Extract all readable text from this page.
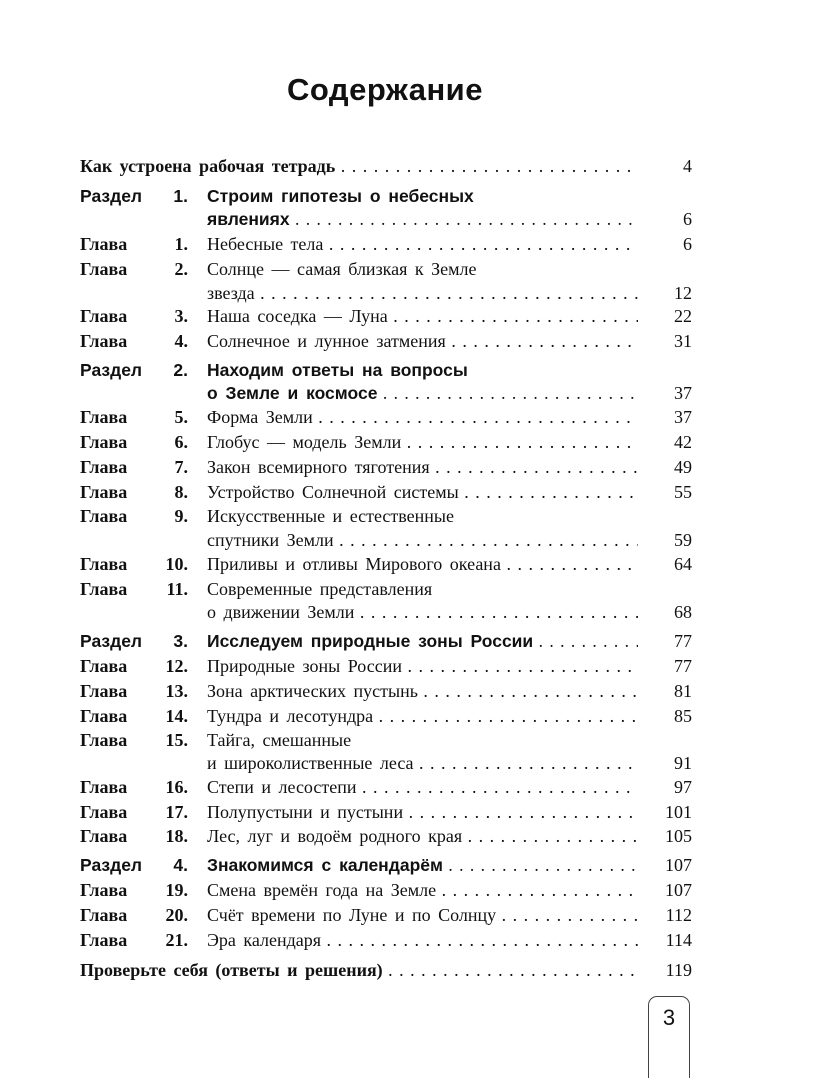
Содержание
Как устроена рабочая тетрадь . . .	4
Раздел	1. Строим гипотезы о небесных
явлениях . . .	6
Глава	1. Небесные тела . . .	6
Глава	2. Солнце — самая близкая к Земле
звезда . . .	12
Глава	3. Наша соседка — Луна . . .	22
Глава	4. Солнечное и лунное затмения . . .	31
Раздел	2. Находим ответы на вопросы
о Земле и космосе . . .	37
Глава	5. Форма Земли . . .	37
Глава	6. Глобус — модель Земли . . .	42
Глава	7. Закон всемирного тяготения . . .	49
Глава	8. Устройство Солнечной системы . . .	55
Глава	9. Искусственные и естественные
спутники Земли . . .	59
Глава	10. Приливы и отливы Мирового океана . . .	64
Глава	11. Современные представления
о движении Земли . . .	68
Раздел	3. Исследуем природные зоны России . . .	77
Глава	12. Природные зоны России . . .	77
Глава	13. Зона арктических пустынь . . .	81
Глава	14. Тундра и лесотундра . . .	85
Глава	15. Тайга, смешанные
и широколиственные леса . . .	91
Глава	16. Степи и лесостепи . . .	97
Глава	17. Полупустыни и пустыни . . .	101
Глава	18. Лес, луг и водоём родного края . . .	105
Раздел	4. Знакомимся с календарём . . .	107
Глава	19. Смена времён года на Земле . . .	107
Глава	20. Счёт времени по Луне и по Солнцу . . .	112
Глава	21. Эра календаря . . .	114
Проверьте себя (ответы и решения) . . .	119
3
